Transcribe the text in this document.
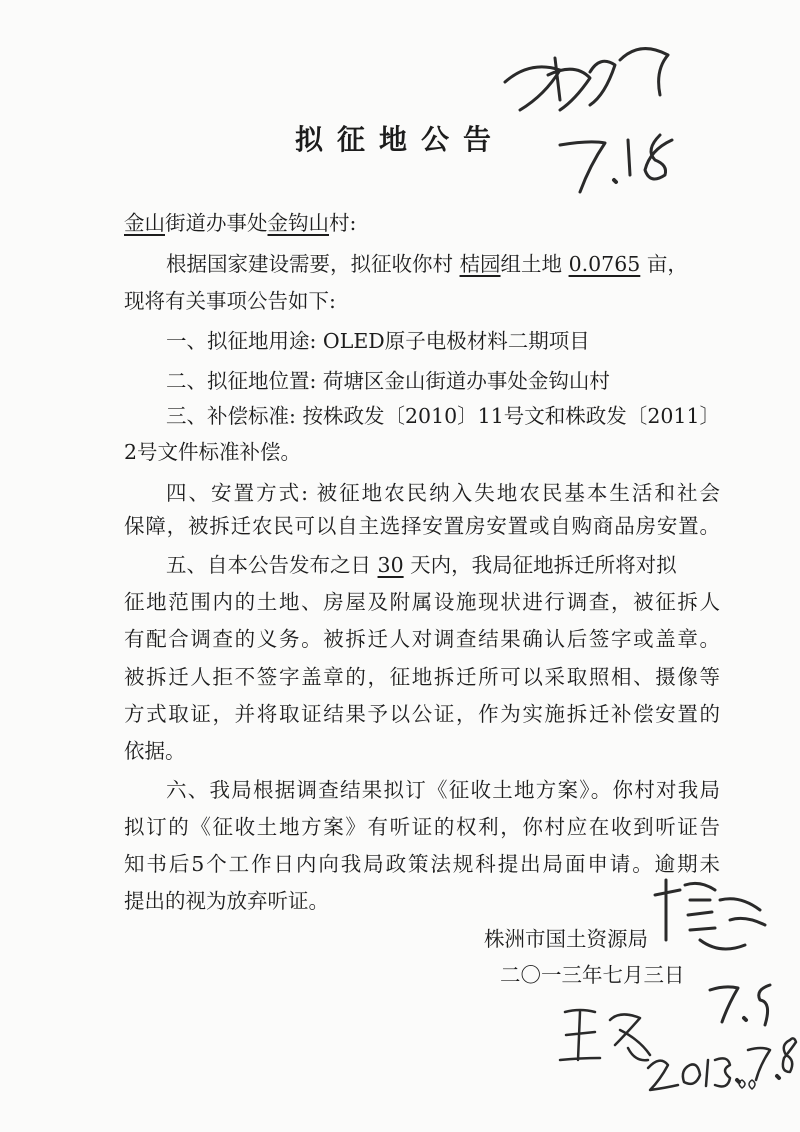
拟征地公告
金山街道办事处金钩山村:
根据国家建设需要，拟征收你村 桔园组土地 0.0765 亩，
现将有关事项公告如下:
一、拟征地用途: OLED原子电极材料二期项目
二、拟征地位置: 荷塘区金山街道办事处金钩山村
三、补偿标准: 按株政发〔2010〕11号文和株政发〔2011〕
2号文件标准补偿。
四、安置方式: 被征地农民纳入失地农民基本生活和社会
保障，被拆迁农民可以自主选择安置房安置或自购商品房安置。
五、自本公告发布之日 30 天内，我局征地拆迁所将对拟
征地范围内的土地、房屋及附属设施现状进行调查，被征拆人
有配合调查的义务。被拆迁人对调查结果确认后签字或盖章。
被拆迁人拒不签字盖章的，征地拆迁所可以采取照相、摄像等
方式取证，并将取证结果予以公证，作为实施拆迁补偿安置的
依据。
六、我局根据调查结果拟订《征收土地方案》。你村对我局
拟订的《征收土地方案》有听证的权利，你村应在收到听证告
知书后5个工作日内向我局政策法规科提出局面申请。逾期未
提出的视为放弃听证。
株洲市国土资源局
二〇一三年七月三日
